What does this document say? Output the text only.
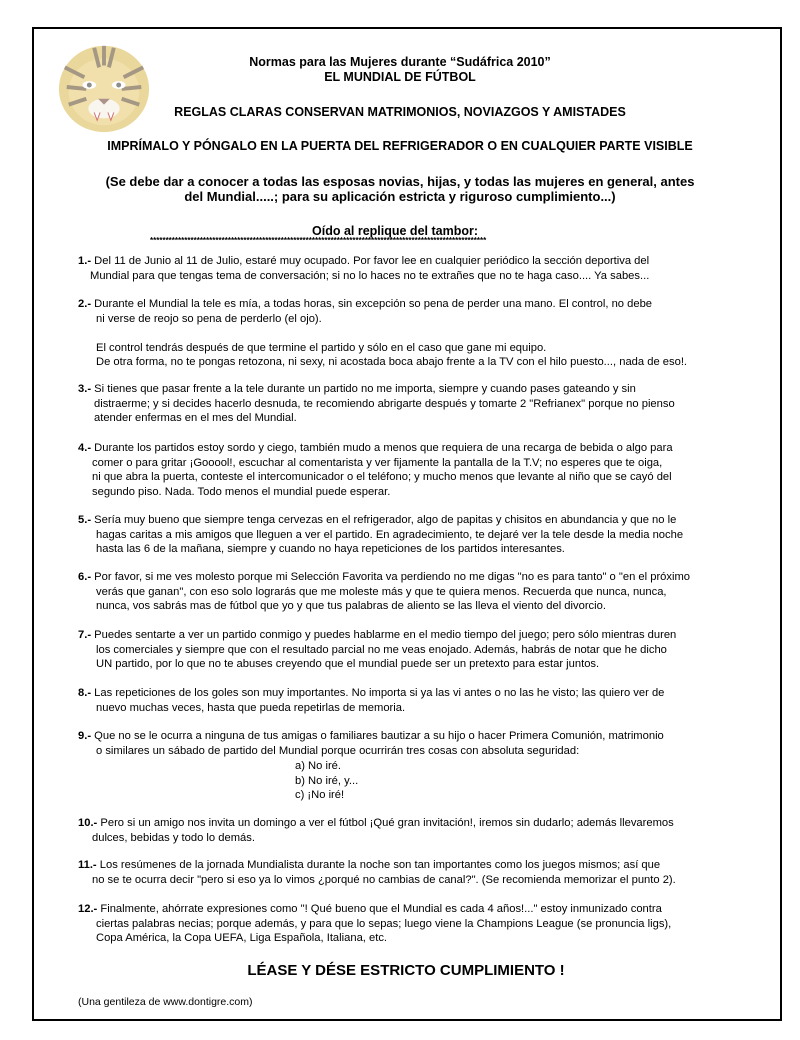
Normas para las Mujeres durante “Sudáfrica 2010”
EL MUNDIAL DE FÚTBOL
REGLAS CLARAS CONSERVAN MATRIMONIOS, NOVIAZGOS Y AMISTADES
IMPRÍMALO Y PÓNGALO EN LA PUERTA DEL REFRIGERADOR O EN CUALQUIER PARTE VISIBLE
(Se debe dar a conocer a todas las esposas novias, hijas, y todas las mujeres en general, antes
del Mundial.....; para su aplicación estricta y riguroso cumplimiento...)
Oído al replique del tambor:
************************************************************************************************************
1.- Del 11 de Junio al 11 de Julio, estaré muy ocupado. Por favor lee en cualquier periódico la sección deportiva del
Mundial para que tengas tema de conversación; si no lo haces no te extrañes que no te haga caso.... Ya sabes...
2.- Durante el Mundial la tele es mía, a todas horas, sin excepción so pena de perder una mano. El control, no debe
ni verse de reojo so pena de perderlo (el ojo).
El control tendrás después de que termine el partido y sólo en el caso que gane mi equipo.
De otra forma, no te pongas retozona, ni sexy, ni acostada boca abajo frente a la TV con el hilo puesto..., nada de eso!.
3.- Si tienes que pasar frente a la tele durante un partido no me importa, siempre y cuando pases gateando y sin
distraerme; y si decides hacerlo desnuda, te recomiendo abrigarte después y tomarte 2 "Refrianex" porque no pienso
atender enfermas en el mes del Mundial.
4.- Durante los partidos estoy sordo y ciego, también mudo a menos que requiera de una recarga de bebida o algo para
comer o para gritar ¡Gooool!, escuchar al comentarista y ver fijamente la pantalla de la T.V; no esperes que te oiga,
ni que abra la puerta, conteste el intercomunicador o el teléfono; y mucho menos que levante al niño que se cayó del
segundo piso. Nada. Todo menos el mundial puede esperar.
5.- Sería muy bueno que siempre tenga cervezas en el refrigerador, algo de papitas y chisitos en abundancia y que no le
hagas caritas a mis amigos que lleguen a ver el partido. En agradecimiento, te dejaré ver la tele desde la media noche
hasta las 6 de la mañana, siempre y cuando no haya repeticiones de los partidos interesantes.
6.- Por favor, si me ves molesto porque mi Selección Favorita va perdiendo no me digas "no es para tanto" o "en el próximo
verás que ganan", con eso solo lograrás que me moleste más y que te quiera menos. Recuerda que nunca, nunca,
nunca, vos sabrás mas de fútbol que yo y que tus palabras de aliento se las lleva el viento del divorcio.
7.- Puedes sentarte a ver un partido conmigo y puedes hablarme en el medio tiempo del juego; pero sólo mientras duren
los comerciales y siempre que con el resultado parcial no me veas enojado. Además, habrás de notar que he dicho
UN partido, por lo que no te abuses creyendo que el mundial puede ser un pretexto para estar juntos.
8.- Las repeticiones de los goles son muy importantes. No importa si ya las vi antes o no las he visto; las quiero ver de
nuevo muchas veces, hasta que pueda repetirlas de memoria.
9.- Que no se le ocurra a ninguna de tus amigas o familiares bautizar a su hijo o hacer Primera Comunión, matrimonio
o similares un sábado de partido del Mundial porque ocurrirán tres cosas con absoluta seguridad:
a) No iré.
b) No iré, y...
c) ¡No iré!
10.- Pero si un amigo nos invita un domingo a ver el fútbol ¡Qué gran invitación!, iremos sin dudarlo; además llevaremos
dulces, bebidas y todo lo demás.
11.- Los resúmenes de la jornada Mundialista durante la noche son tan importantes como los juegos mismos; así que
no se te ocurra decir "pero si eso ya lo vimos ¿porqué no cambias de canal?". (Se recomienda memorizar el punto 2).
12.- Finalmente, ahórrate expresiones como "! Qué bueno que el Mundial es cada 4 años!..." estoy inmunizado contra
ciertas palabras necias; porque además, y para que lo sepas; luego viene la Champions League (se pronuncia ligs),
Copa América, la Copa UEFA, Liga Española, Italiana, etc.
LÉASE Y DÉSE ESTRICTO CUMPLIMIENTO !
(Una gentileza de www.dontigre.com)
